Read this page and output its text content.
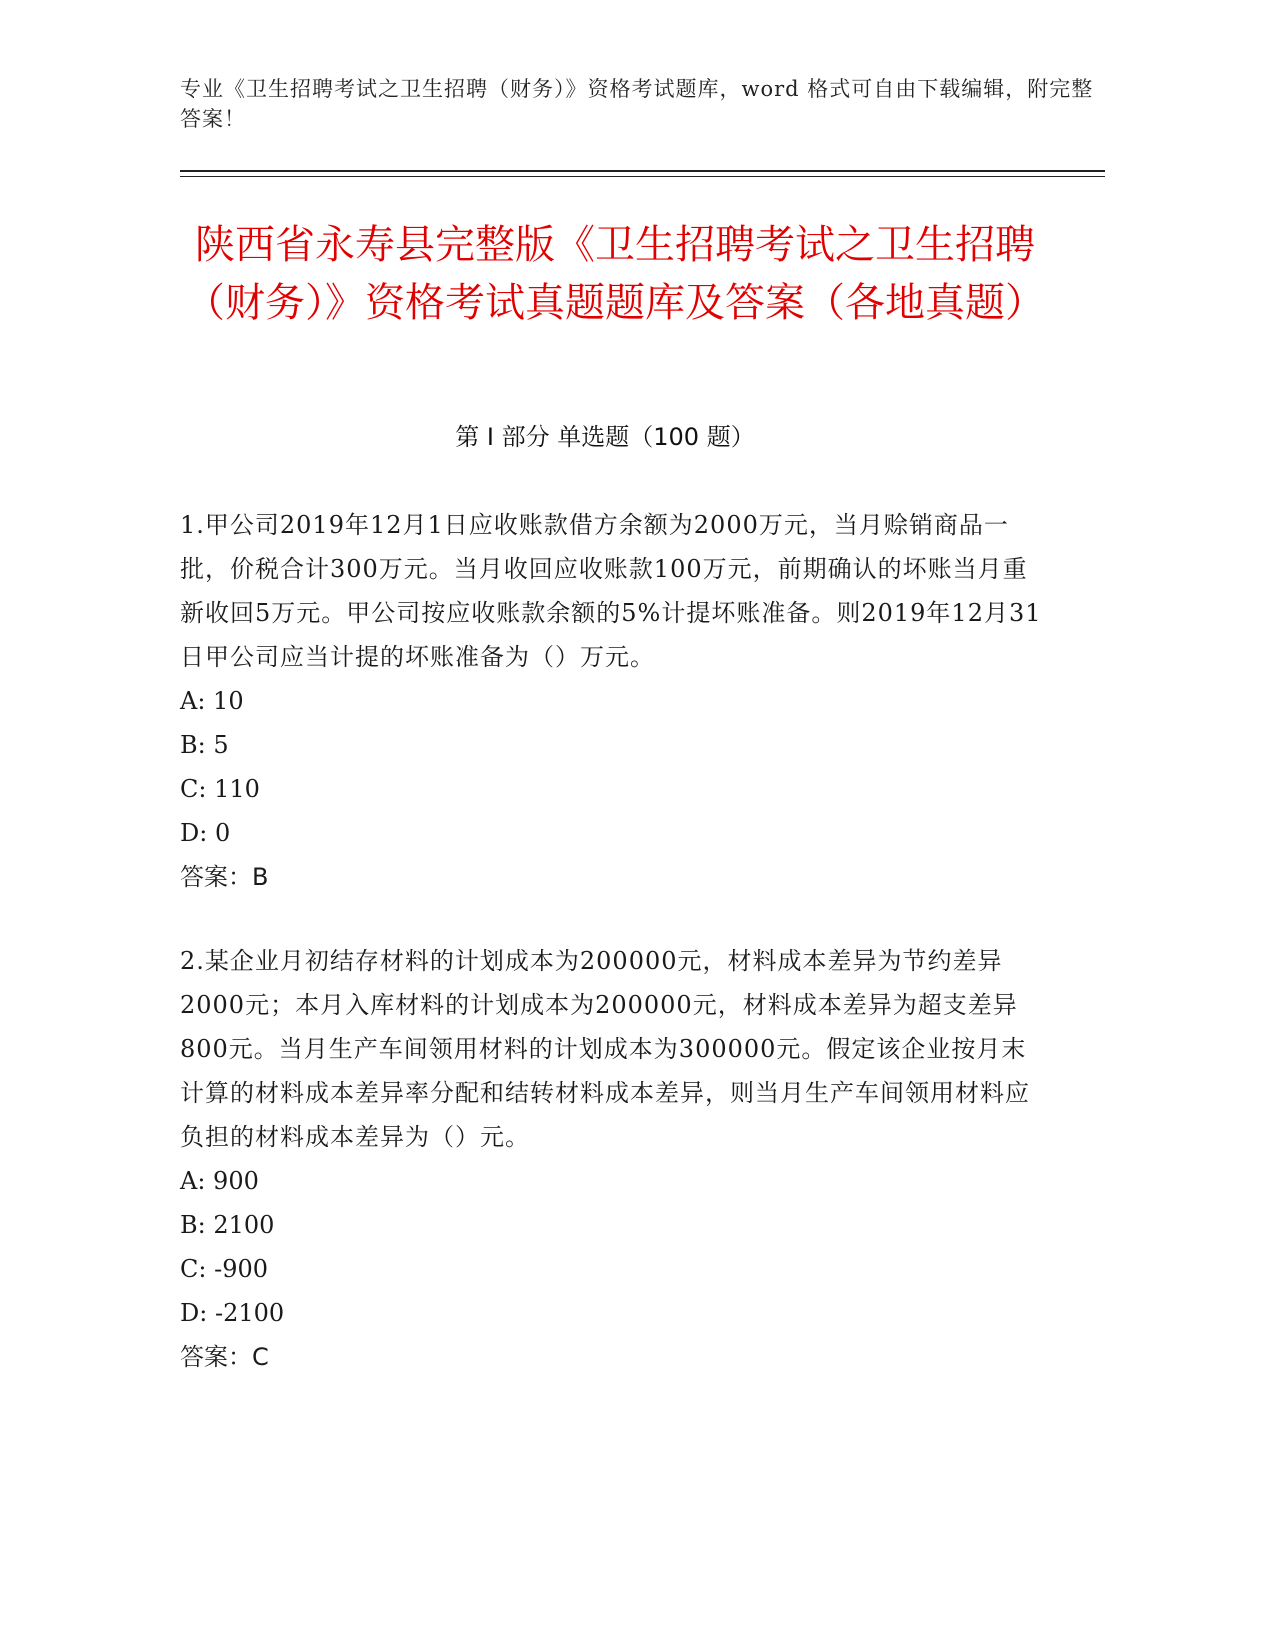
专业《卫生招聘考试之卫生招聘（财务）》资格考试题库，word 格式可自由下载编辑，附完整答案！
陕西省永寿县完整版《卫生招聘考试之卫生招聘（财务）》资格考试真题题库及答案（各地真题）
第 I 部分 单选题（100 题）

1.甲公司2019年12月1日应收账款借方余额为2000万元，当月赊销商品一批，价税合计300万元。当月收回应收账款100万元，前期确认的坏账当月重新收回5万元。甲公司按应收账款余额的5%计提坏账准备。则2019年12月31日甲公司应当计提的坏账准备为（）万元。

A: 10

B: 5

C: 110

D: 0

答案：B

2.某企业月初结存材料的计划成本为200000元，材料成本差异为节约差异2000元；本月入库材料的计划成本为200000元，材料成本差异为超支差异800元。当月生产车间领用材料的计划成本为300000元。假定该企业按月末计算的材料成本差异率分配和结转材料成本差异，则当月生产车间领用材料应负担的材料成本差异为（）元。

A: 900

B: 2100

C: -900

D: -2100

答案：C
